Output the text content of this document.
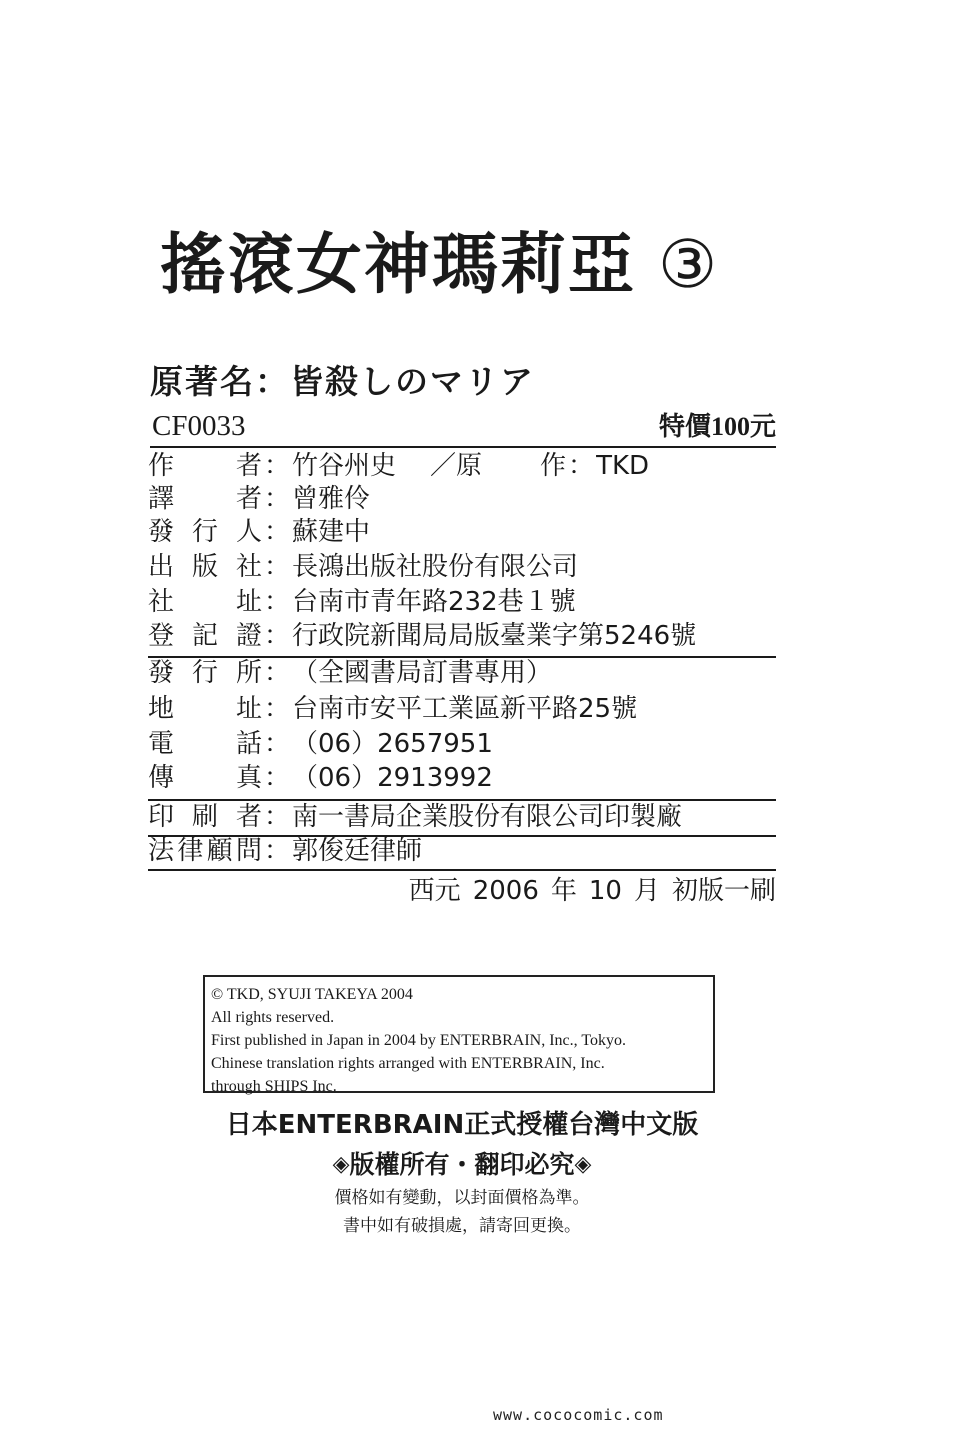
搖滾女神瑪莉亞 ③
原著名：皆殺しのマリア
CF0033	特價100元
作　者：竹谷州史 ／原　作：TKD
譯　者：曾雅伶
發行人：蘇建中
出版社：長鴻出版社股份有限公司
社　址：台南市青年路232巷１號
登記證：行政院新聞局局版臺業字第5246號
發行所：（全國書局訂書專用）
地　址：台南市安平工業區新平路25號
電　話：（06）2657951
傳　真：（06）2913992
印刷者：南一書局企業股份有限公司印製廠
法律顧問：郭俊廷律師
西元 2006 年 10 月 初版一刷
© TKD, SYUJI TAKEYA 2004
All rights reserved.
First published in Japan in 2004 by ENTERBRAIN, Inc., Tokyo.
Chinese translation rights arranged with ENTERBRAIN, Inc.
through SHIPS Inc.
日本ENTERBRAIN正式授權台灣中文版
◈版權所有・翻印必究◈
價格如有變動，以封面價格為準。
書中如有破損處，請寄回更換。
www.cococomic.com
